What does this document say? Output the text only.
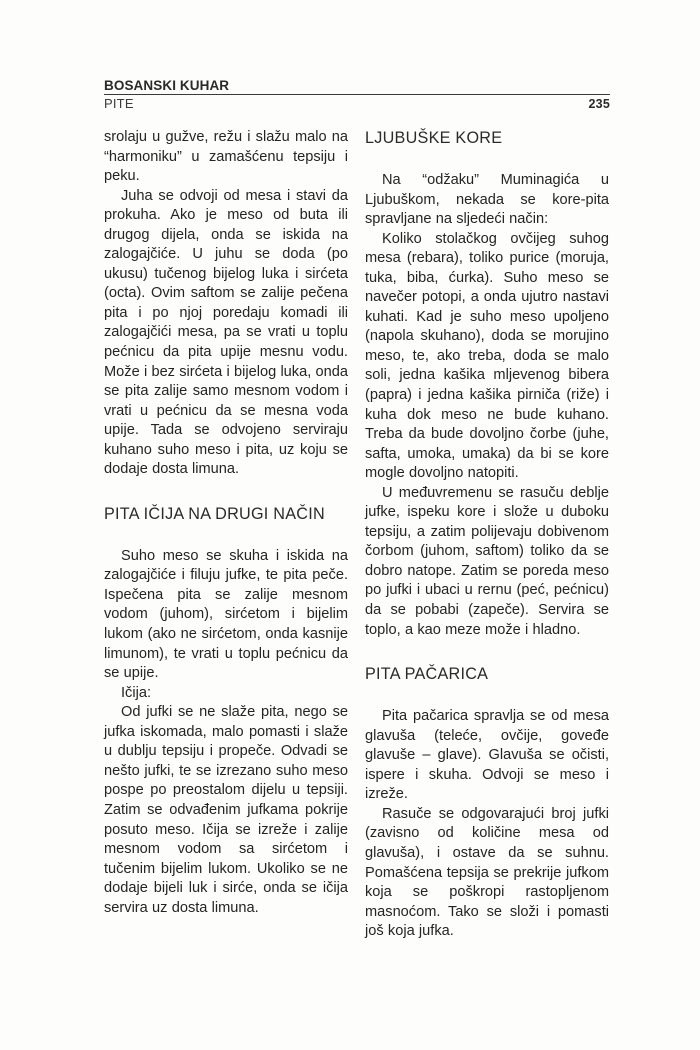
BOSANSKI KUHAR
PITE	235

srolaju u gužve, režu i slažu malo na “harmoniku” u zamašćenu tepsiju i peku.

Juha se odvoji od mesa i stavi da prokuha. Ako je meso od buta ili drugog dijela, onda se iskida na zalogajčiće. U juhu se doda (po ukusu) tučenog bijelog luka i sirćeta (octa). Ovim saftom se zalije pečena pita i po njoj poredaju komadi ili zalogajčići mesa, pa se vrati u toplu pećnicu da pita upije mesnu vodu. Može i bez sirćeta i bijelog luka, onda se pita zalije samo mesnom vodom i vrati u pećnicu da se mesna voda upije. Tada se odvojeno serviraju kuhano suho meso i pita, uz koju se dodaje dosta limuna.

PITA IČIJA NA DRUGI NAČIN

Suho meso se skuha i iskida na zalogajčiće i filuju jufke, te pita peče. Ispečena pita se zalije mesnom vodom (juhom), sirćetom i bijelim lukom (ako ne sirćetom, onda kasnije limunom), te vrati u toplu pećnicu da se upije.

Ičija:

Od jufki se ne slaže pita, nego se jufka iskomada, malo pomasti i slaže u dublju tepsiju i propeče. Odvadi se nešto jufki, te se izrezano suho meso pospe po preostalom dijelu u tepsiji. Zatim se odvađenim jufkama pokrije posuto meso. Ičija se izreže i zalije mesnom vodom sa sirćetom i tučenim bijelim lukom. Ukoliko se ne dodaje bijeli luk i sirće, onda se ičija servira uz dosta limuna.

LJUBUŠKE KORE

Na “odžaku” Muminagića u Ljubuškom, nekada se kore-pita spravljane na sljedeći način:

Koliko stolačkog ovčijeg suhog mesa (rebara), toliko purice (moruja, tuka, biba, ćurka). Suho meso se navečer potopi, a onda ujutro nastavi kuhati. Kad je suho meso upoljeno (napola skuhano), doda se morujino meso, te, ako treba, doda se malo soli, jedna kašika mljevenog bibera (papra) i jedna kašika pirniča (riže) i kuha dok meso ne bude kuhano. Treba da bude dovoljno čorbe (juhe, safta, umoka, umaka) da bi se kore mogle dovoljno natopiti.

U međuvremenu se rasuču deblje jufke, ispeku kore i slože u duboku tepsiju, a zatim polijevaju dobivenom čorbom (juhom, saftom) toliko da se dobro natope. Zatim se poreda meso po jufki i ubaci u rernu (peć, pećnicu) da se pobabi (zapeče). Servira se toplo, a kao meze može i hladno.

PITA PAČARICA

Pita pačarica spravlja se od mesa glavuša (teleće, ovčije, goveđe glavuše – glave). Glavuša se očisti, ispere i skuha. Odvoji se meso i izreže.

Rasuče se odgovarajući broj jufki (zavisno od količine mesa od glavuša), i ostave da se suhnu. Pomašćena tepsija se prekrije jufkom koja se poškropi rastopljenom masnoćom. Tako se složi i pomasti još koja jufka.
